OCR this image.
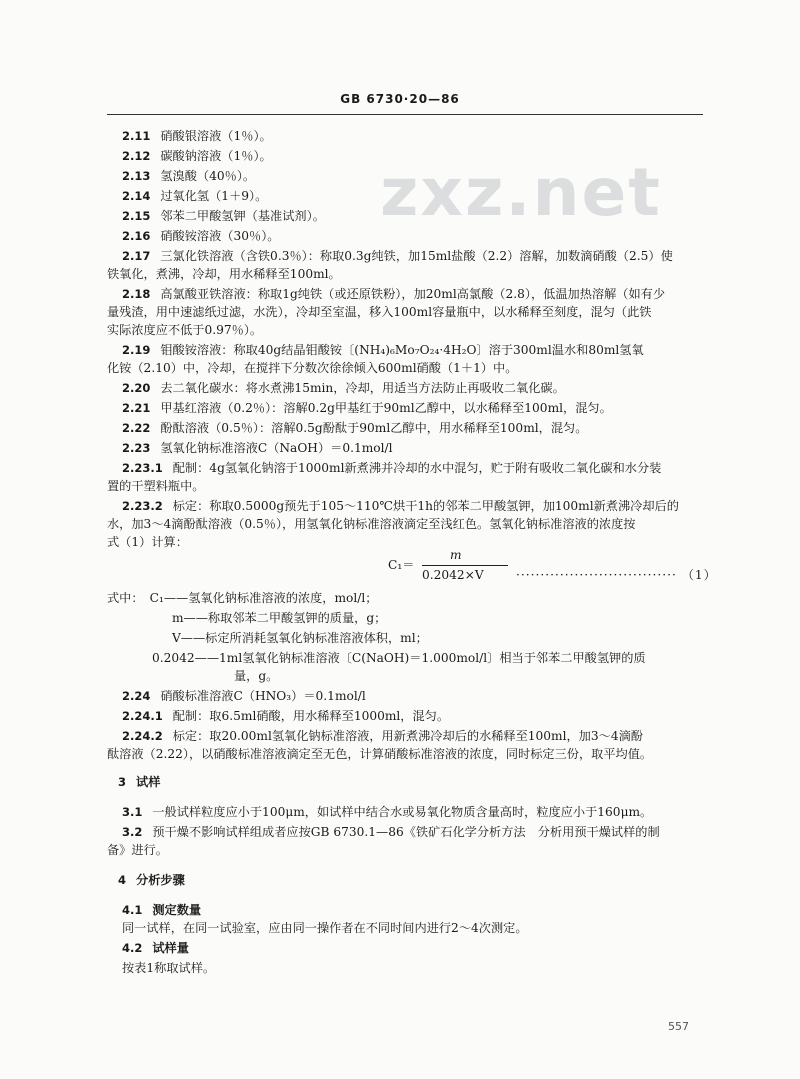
GB 6730·20—86
zxz.net

2.11 硝酸银溶液（1％）。

2.12 碳酸钠溶液（1％）。

2.13 氢溴酸（40％）。

2.14 过氧化氢（1＋9）。

2.15 邻苯二甲酸氢钾（基准试剂）。

2.16 硝酸铵溶液（30％）。

2.17 三氯化铁溶液（含铁0.3％）：称取0.3g纯铁，加15ml盐酸（2.2）溶解，加数滴硝酸（2.5）使

铁氧化，煮沸，冷却，用水稀释至100ml。

2.18 高氯酸亚铁溶液：称取1g纯铁（或还原铁粉），加20ml高氯酸（2.8），低温加热溶解（如有少

量残渣，用中速滤纸过滤，水洗），冷却至室温，移入100ml容量瓶中，以水稀释至刻度，混匀（此铁

实际浓度应不低于0.97％）。

2.19 钼酸铵溶液：称取40g结晶钼酸铵〔(NH₄)₆Mo₇O₂₄·4H₂O〕溶于300ml温水和80ml氢氧

化铵（2.10）中，冷却，在搅拌下分数次徐徐倾入600ml硝酸（1＋1）中。

2.20 去二氧化碳水：将水煮沸15min，冷却，用适当方法防止再吸收二氧化碳。

2.21 甲基红溶液（0.2％）：溶解0.2g甲基红于90ml乙醇中，以水稀释至100ml，混匀。

2.22 酚酞溶液（0.5％）：溶解0.5g酚酞于90ml乙醇中，用水稀释至100ml，混匀。

2.23 氢氧化钠标准溶液C（NaOH）＝0.1mol/l

2.23.1 配制：4g氢氧化钠溶于1000ml新煮沸并冷却的水中混匀，贮于附有吸收二氧化碳和水分装

置的干塑料瓶中。

2.23.2 标定：称取0.5000g预先于105～110℃烘干1h的邻苯二甲酸氢钾，加100ml新煮沸冷却后的

水，加3～4滴酚酞溶液（0.5％），用氢氧化钠标准溶液滴定至浅红色。氢氧化钠标准溶液的浓度按

式（1）计算：

式中：　C₁——氢氧化钠标准溶液的浓度，mol/l；

m——称取邻苯二甲酸氢钾的质量，g；

V——标定所消耗氢氧化钠标准溶液体积，ml；

0.2042——1ml氢氧化钠标准溶液〔C(NaOH)＝1.000mol/l〕相当于邻苯二甲酸氢钾的质

量，g。

2.24 硝酸标准溶液C（HNO₃）＝0.1mol/l

2.24.1 配制：取6.5ml硝酸，用水稀释至1000ml，混匀。

2.24.2 标定：取20.00ml氢氧化钠标准溶液，用新煮沸冷却后的水稀释至100ml，加3～4滴酚

酞溶液（2.22），以硝酸标准溶液滴定至无色，计算硝酸标准溶液的浓度，同时标定三份，取平均值。

3 试样

3.1 一般试样粒度应小于100μm，如试样中结合水或易氧化物质含量高时，粒度应小于160μm。

3.2 预干燥不影响试样组成者应按GB 6730.1—86《铁矿石化学分析方法　分析用预干燥试样的制

备》进行。

4 分析步骤

4.1 测定数量

同一试样，在同一试验室，应由同一操作者在不同时间内进行2～4次测定。

4.2 试样量

按表1称取试样。

C₁＝
m
0.2042×V	································· （1）
557
